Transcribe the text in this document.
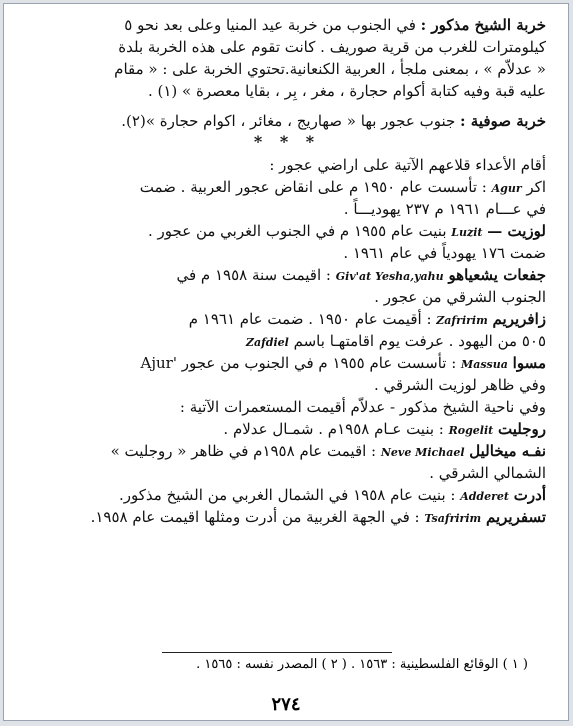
خربة الشيخ مذكور : في الجنوب من خربة عيد المنيا وعلى بعد نحو ٥
كيلومترات للغرب من قرية صوريف . كانت تقوم على هذه الخربة بلدة
« عدلاّم » ، بمعنى ملجأ ، العربية الكنعانية.تحتوي الخربة على : « مقام
عليه قبة وفيه كتابة أكوام حجارة ، مغر ، بِر ، بقايا معصرة » (١) .
خربة صوفية : جنوب عجور بها « صهاريج ، مغائر ، اكوام حجارة »(٢).
* * *
أقام الأعداء قلاعهم الآتية على اراضي عجور :
اكر Agur : تأسست عام ١٩٥٠ م على انقاض عجور العربية . ضمت
في عـــام ١٩٦١ م ٢٣٧ يهوديـــاً .
لوزيت — Luzit بنيت عام ١٩٥٥ م في الجنوب الغربي من عجور .
ضمت ١٧٦ يهودياً في عام ١٩٦١ .
جفعات يشعياهو Giv'at Yesha,yahu : اقيمت سنة ١٩٥٨ م في
الجنوب الشرقي من عجور .
زافريريم Zafririm : أقيمت عام ١٩٥٠ . ضمت عام ١٩٦١ م
٥٠٥ من اليهود . عرفت يوم اقامتهـا باسم Zafdiel
مسوا Massua : تأسست عام ١٩٥٥ م في الجنوب من عجور 'Ajur
وفي ظاهر لوزيت الشرقي .
وفي ناحية الشيخ مذكور - عدلاّم أقيمت المستعمرات الآتية :
روجليت Rogelit : بنيت عـام ١٩٥٨م . شمـال عدلام .
نفـه ميخاليل Neve Michael : اقيمت عام ١٩٥٨م في ظاهر « روجليت »
الشمالي الشرقي .
أدرت Adderet : بنيت عام ١٩٥٨ في الشمال الغربي من الشيخ مذكور.
تسفريريم Tsafririm : في الجهة الغربية من أدرت ومثلها اقيمت عام ١٩٥٨.
( ١ ) الوقائع الفلسطينية : ١٥٦٣ . ( ٢ ) المصدر نفسه : ١٥٦٥ .
٢٧٤
